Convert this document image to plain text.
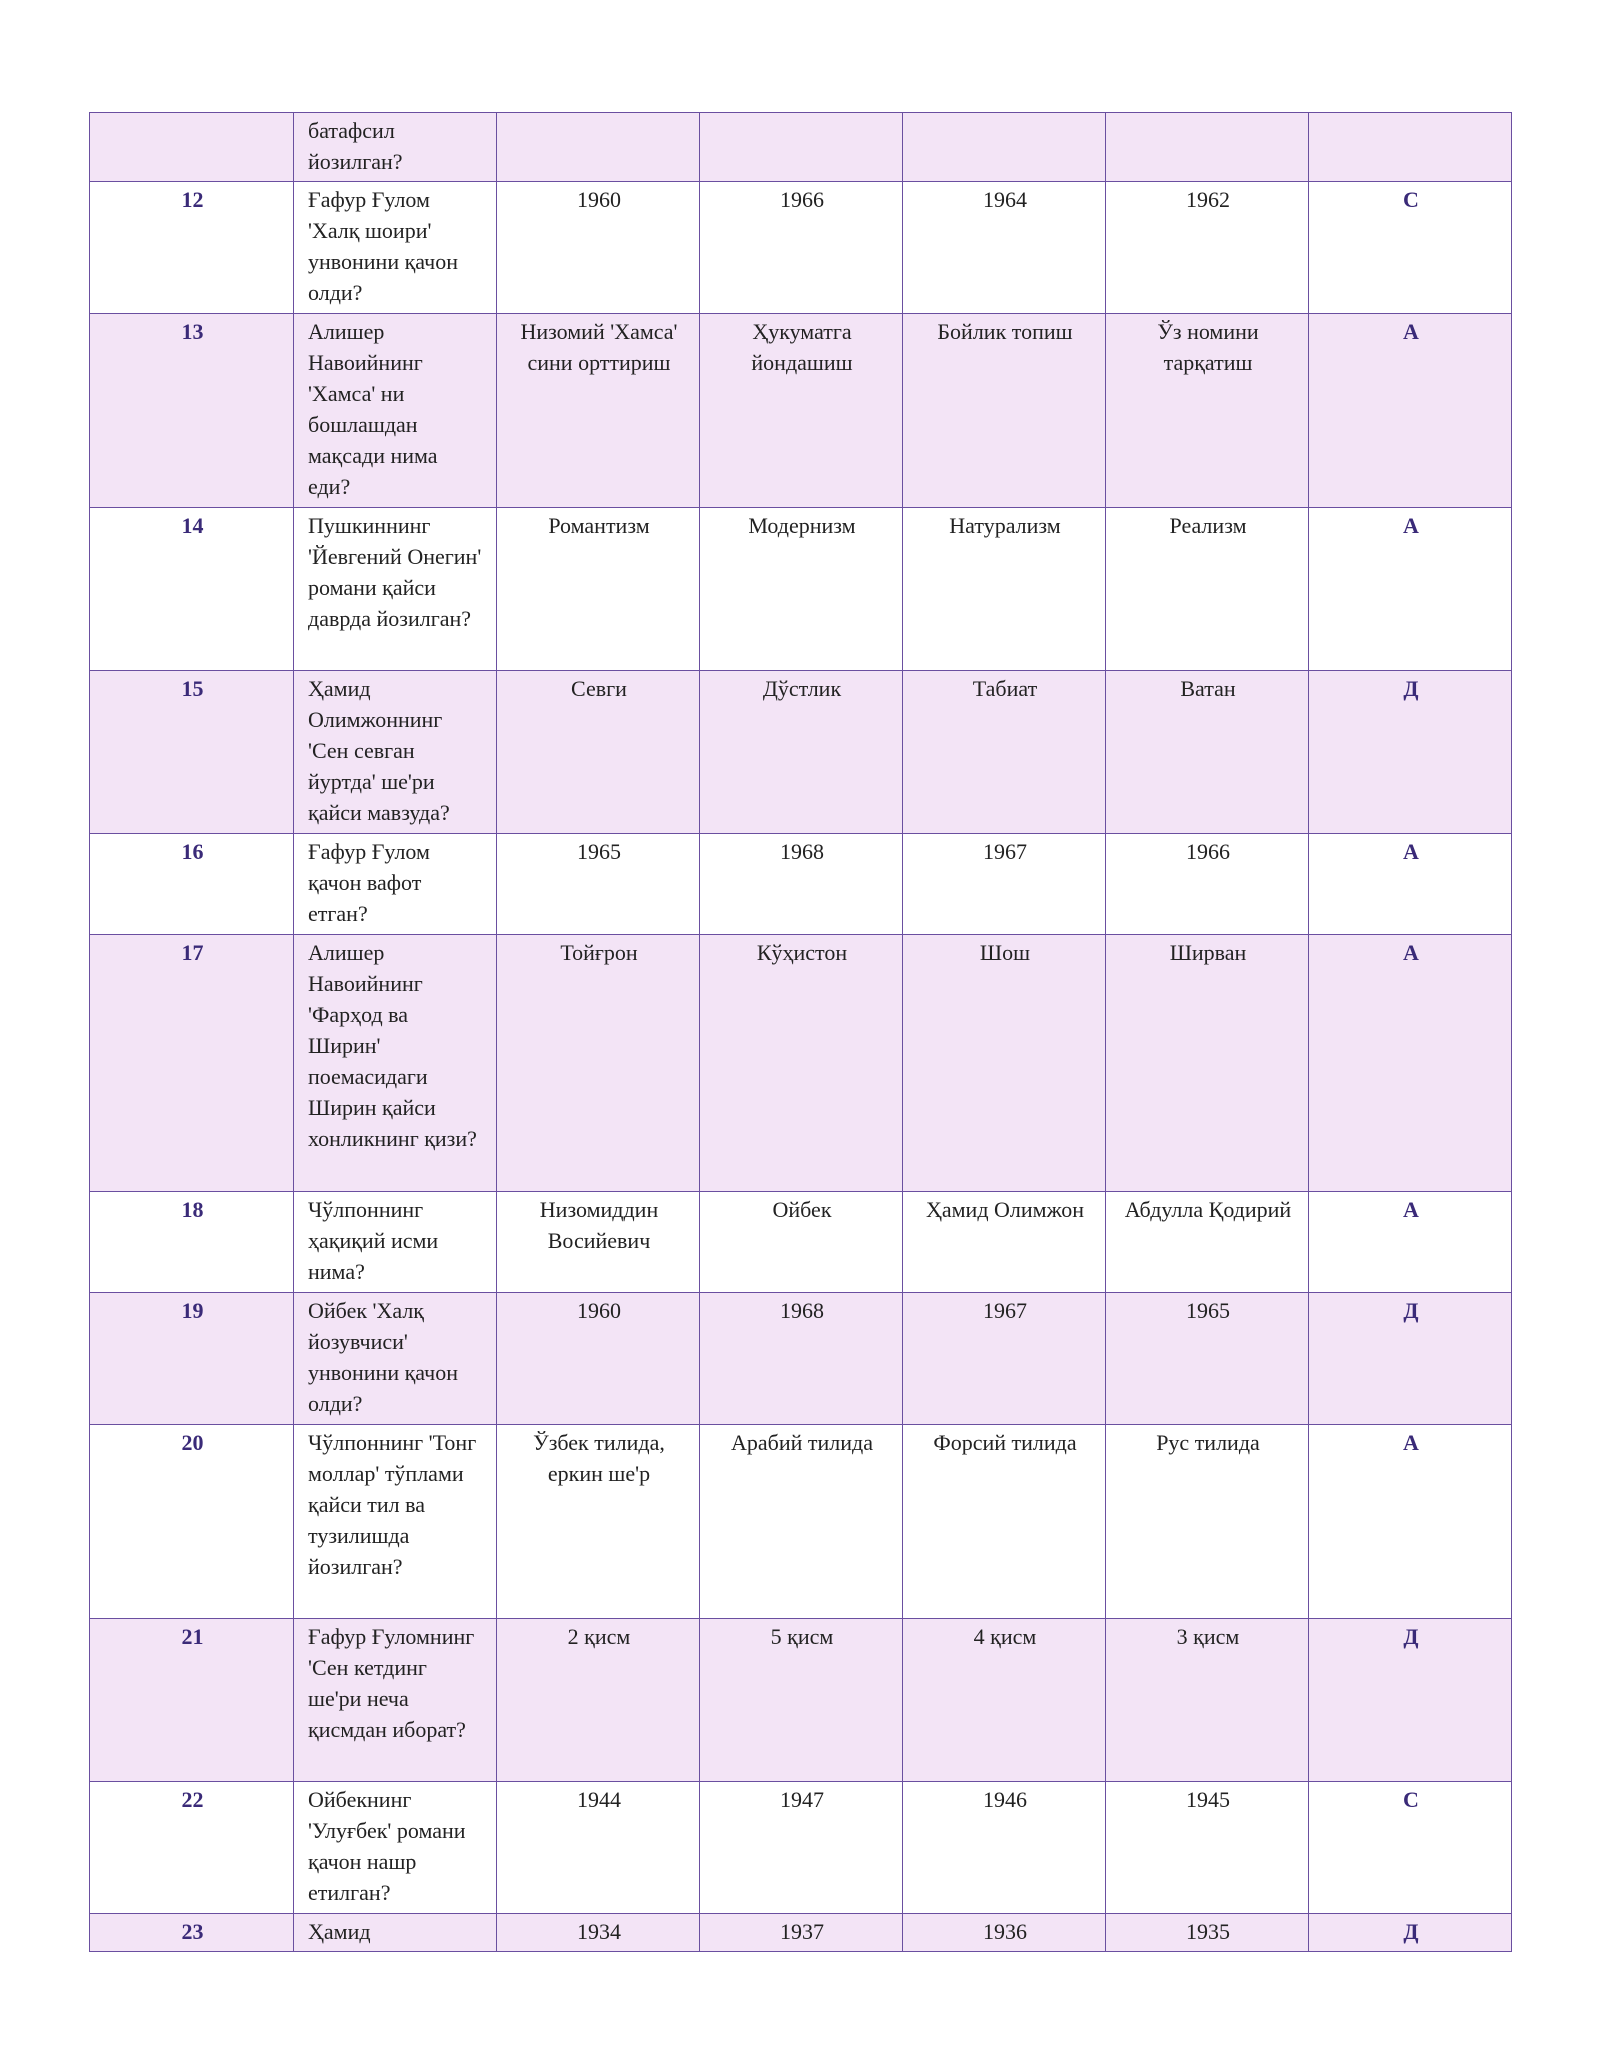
	батафсил йозилган?					
12	Ғафур Ғулом 'Халқ шоири' унвонини қачон олди?	1960	1966	1964	1962	С
13	Алишер Навоийнинг 'Хамса' ни бошлашдан мақсади нима еди?	Низомий 'Хамса' сини орттириш	Ҳукуматга йондашиш	Бойлик топиш	Ўз номини тарқатиш	А
14	Пушкиннинг 'Йевгений Онегин' романи қайси даврда йозилган?	Романтизм	Модернизм	Натурализм	Реализм	А
15	Ҳамид Олимжоннинг 'Сен севган йуртда' ше'ри қайси мавзуда?	Севги	Дўстлик	Табиат	Ватан	Д
16	Ғафур Ғулом қачон вафот етган?	1965	1968	1967	1966	А
17	Алишер Навоийнинг 'Фарҳод ва Ширин' поемасидаги Ширин қайси хонликнинг қизи?	Тойғрон	Кўҳистон	Шош	Ширван	А
18	Чўлпоннинг ҳақиқий исми нима?	Низомиддин Восийевич	Ойбек	Ҳамид Олимжон	Абдулла Қодирий	А
19	Ойбек 'Халқ йозувчиси' унвонини қачон олди?	1960	1968	1967	1965	Д
20	Чўлпоннинг 'Тонг моллар' тўплами қайси тил ва тузилишда йозилган?	Ўзбек тилида, еркин ше'р	Арабий тилида	Форсий тилида	Рус тилида	А
21	Ғафур Ғуломнинг 'Сен кетдинг ше'ри неча қисмдан иборат?	2 қисм	5 қисм	4 қисм	3 қисм	Д
22	Ойбекнинг 'Улуғбек' романи қачон нашр етилган?	1944	1947	1946	1945	С
23	Ҳамид	1934	1937	1936	1935	Д
